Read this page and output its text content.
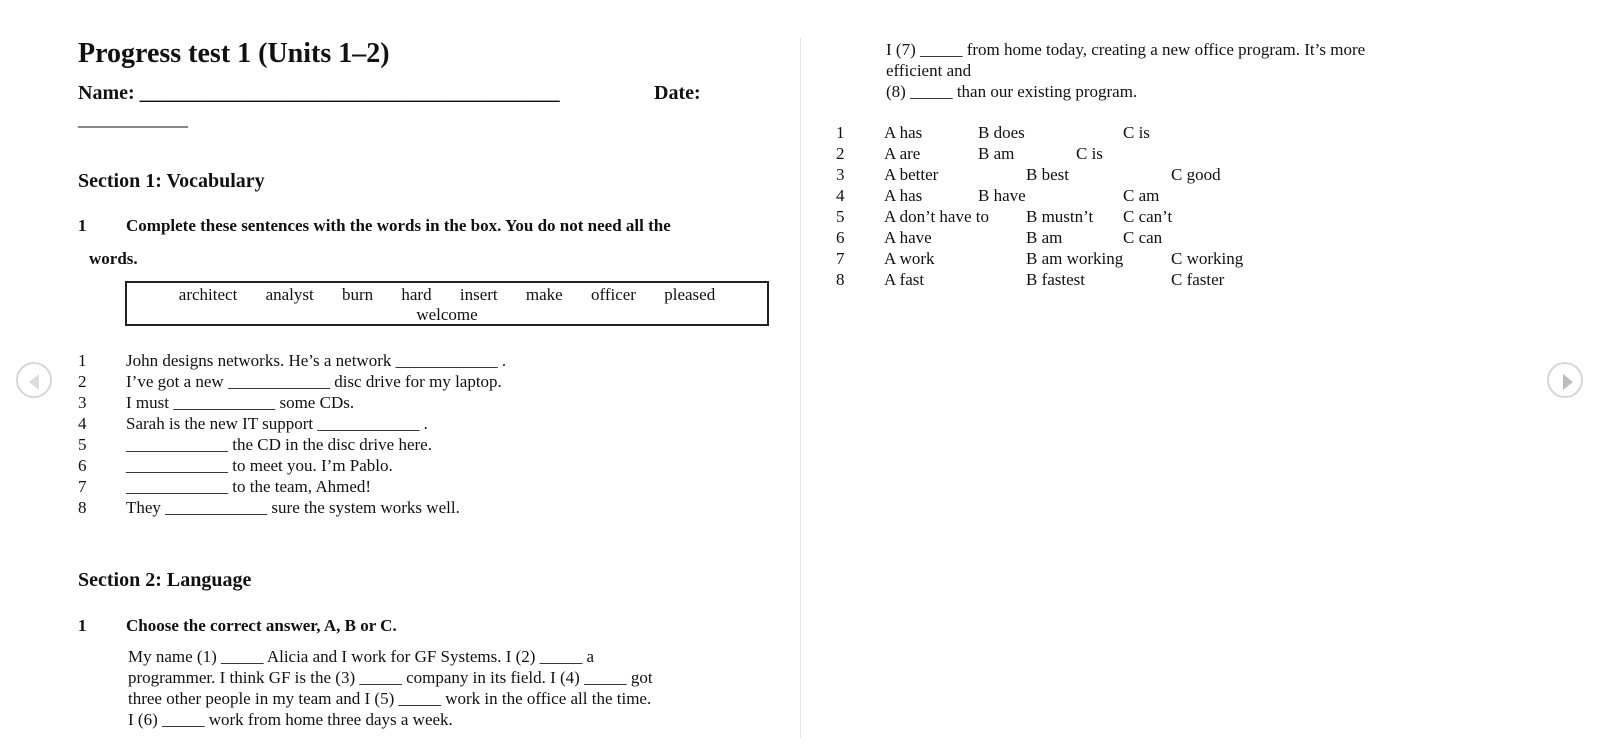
Progress test 1 (Units 1–2)
Name: __________________________________________	Date:
___________
Section 1: Vocabulary
1 Complete these sentences with the words in the box. You do not need all the
words.
architect analyst burn hard insert make officer pleased
welcome
1
2
3
4
5
6
7
8
John designs networks. He’s a network ____________ .
I’ve got a new ____________ disc drive for my laptop.
I must ____________ some CDs.
Sarah is the new IT support ____________ .
____________ the CD in the disc drive here.
____________ to meet you. I’m Pablo.
____________ to the team, Ahmed!
They ____________ sure the system works well.
Section 2: Language
1 Choose the correct answer, A, B or C.
My name (1) _____ Alicia and I work for GF Systems. I (2) _____ a
programmer. I think GF is the (3) _____ company in its field. I (4) _____ got
three other people in my team and I (5) _____ work in the office all the time.
I (6) _____ work from home three days a week.
I (7) _____ from home today, creating a new office program. It’s more
efficient and
(8) _____ than our existing program.
1
2
3
4
5
6
7
8
A has
A are
A better
A has
A don’t have to
A have
A work
A fast
B does
B am
B best
B have
B mustn’t
B am
B am working
B fastest
C is
C is
C good
C am
C can’t
C can
C working
C faster
